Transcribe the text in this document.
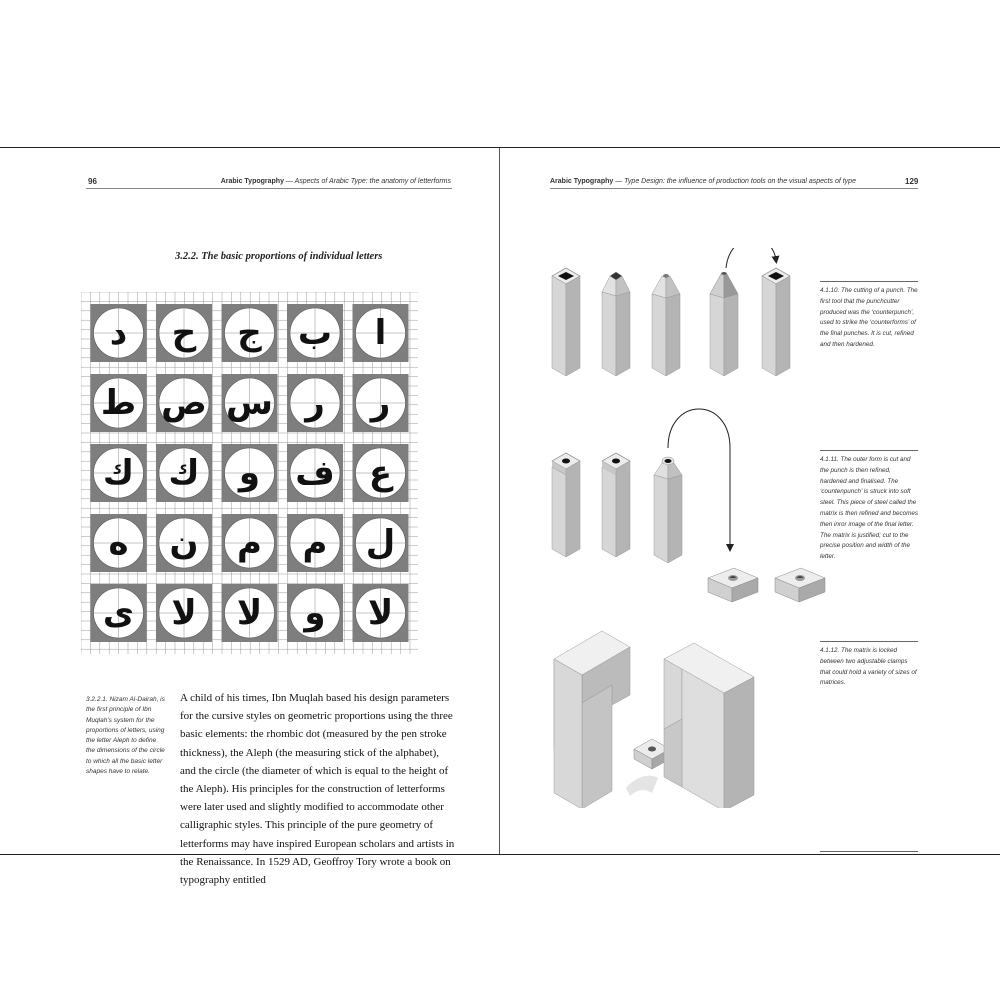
96	Arabic Typography — Aspects of Arabic Type: the anatomy of letterforms
3.2.2. The basic proportions of individual letters
د ح ج ب ا
ط ص س ر ر
ك ك و ف ع
ه ن م م ل
ى لا لا و لا
3.2.2.1. Nizam Al-Dairah, is the first principle of Ibn Muqlah’s system for the proportions of letters, using the letter Aleph to define the dimensions of the circle to which all the basic letter shapes have to relate.

A child of his times, Ibn Muqlah based his design parameters for the cursive styles on geometric proportions using the three basic elements: the rhombic dot (measured by the pen stroke thickness), the Aleph (the measuring stick of the alphabet), and the circle (the diameter of which is equal to the height of the Aleph). His principles for the construction of letterforms were later used and slightly modified to accommodate other calligraphic styles. This principle of the pure geometry of letterforms may have inspired European scholars and artists in the Renaissance. In 1529 AD, Geoffroy Tory wrote a book on typography entitled

Arabic Typography — Type Design: the influence of production tools on the visual aspects of type	129
4.1.10. The cutting of a punch. The first tool that the punchcutter produced was the ‘counterpunch’, used to strike the ‘counterforms’ of the final punches. It is cut, refined and then hardened.
4.1.11. The outer form is cut and the punch is then refined, hardened and finalised. The ‘countenpunch’ is struck into soft steel. This piece of steel called the matrix is then refined and becomes then inror image of the final letter. The matrix is justified; cut to the precise position and width of the letter.
4.1.12. The matrix is locked between two adjustable clamps that could hold a variety of sizes of matrices.
